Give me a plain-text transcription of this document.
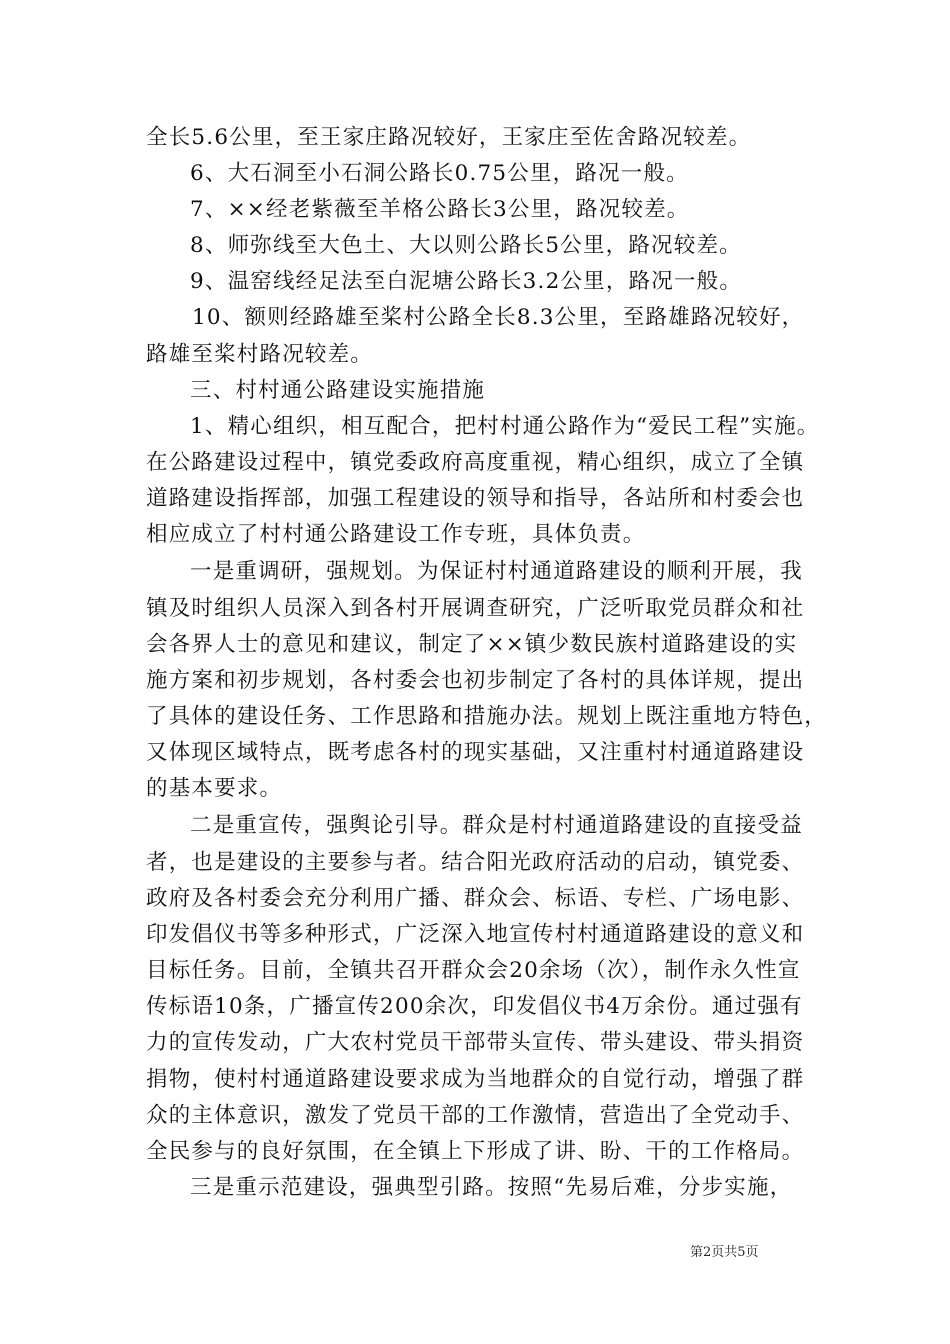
全长5.6公里，至王家庄路况较好，王家庄至佐舍路况较差。
6、大石洞至小石洞公路长0.75公里，路况一般。
7、××经老紫薇至羊格公路长3公里，路况较差。
8、师弥线至大色土、大以则公路长5公里，路况较差。
9、温窑线经足法至白泥塘公路长3.2公里，路况一般。
10、额则经路雄至桨村公路全长8.3公里，至路雄路况较好，
路雄至桨村路况较差。
三、村村通公路建设实施措施
1、精心组织，相互配合，把村村通公路作为“爱民工程”实施。
在公路建设过程中，镇党委政府高度重视，精心组织，成立了全镇
道路建设指挥部，加强工程建设的领导和指导，各站所和村委会也
相应成立了村村通公路建设工作专班，具体负责。
一是重调研，强规划。为保证村村通道路建设的顺利开展，我
镇及时组织人员深入到各村开展调查研究，广泛听取党员群众和社
会各界人士的意见和建议，制定了××镇少数民族村道路建设的实
施方案和初步规划，各村委会也初步制定了各村的具体详规，提出
了具体的建设任务、工作思路和措施办法。规划上既注重地方特色，
又体现区域特点，既考虑各村的现实基础，又注重村村通道路建设
的基本要求。
二是重宣传，强舆论引导。群众是村村通道路建设的直接受益
者，也是建设的主要参与者。结合阳光政府活动的启动，镇党委、
政府及各村委会充分利用广播、群众会、标语、专栏、广场电影、
印发倡仪书等多种形式，广泛深入地宣传村村通道路建设的意义和
目标任务。目前，全镇共召开群众会20余场（次），制作永久性宣
传标语10条，广播宣传200余次，印发倡仪书4万余份。通过强有
力的宣传发动，广大农村党员干部带头宣传、带头建设、带头捐资
捐物，使村村通道路建设要求成为当地群众的自觉行动，增强了群
众的主体意识，激发了党员干部的工作激情，营造出了全党动手、
全民参与的良好氛围，在全镇上下形成了讲、盼、干的工作格局。
三是重示范建设，强典型引路。按照“先易后难，分步实施，
第2页共5页
